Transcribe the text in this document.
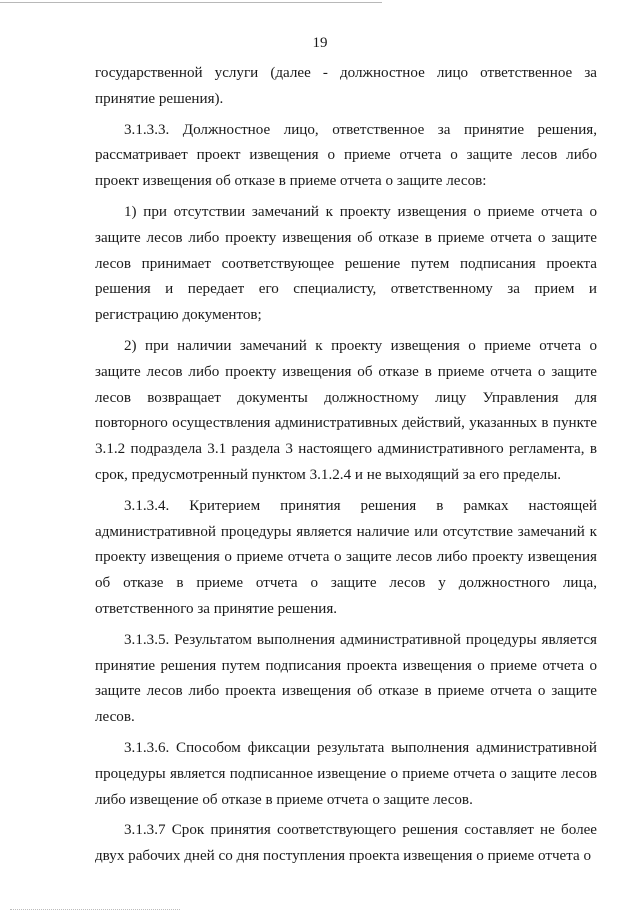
19

государственной услуги (далее - должностное лицо ответственное за принятие решения).

3.1.3.3. Должностное лицо, ответственное за принятие решения, рассматривает проект извещения о приеме отчета о защите лесов либо проект извещения об отказе в приеме отчета о защите лесов:

1) при отсутствии замечаний к проекту извещения о приеме отчета о защите лесов либо проекту извещения об отказе в приеме отчета о защите лесов принимает соответствующее решение путем подписания проекта решения и передает его специалисту, ответственному за прием и регистрацию документов;

2) при наличии замечаний к проекту извещения о приеме отчета о защите лесов либо проекту извещения об отказе в приеме отчета о защите лесов возвращает документы должностному лицу Управления для повторного осуществления административных действий, указанных в пункте 3.1.2 подраздела 3.1 раздела 3 настоящего административного регламента, в срок, предусмотренный пунктом 3.1.2.4 и не выходящий за его пределы.

3.1.3.4. Критерием принятия решения в рамках настоящей административной процедуры является наличие или отсутствие замечаний к проекту извещения о приеме отчета о защите лесов либо проекту извещения об отказе в приеме отчета о защите лесов у должностного лица, ответственного за принятие решения.

3.1.3.5. Результатом выполнения административной процедуры является принятие решения путем подписания проекта извещения о приеме отчета о защите лесов либо проекта извещения об отказе в приеме отчета о защите лесов.

3.1.3.6. Способом фиксации результата выполнения административной процедуры является подписанное извещение о приеме отчета о защите лесов либо извещение об отказе в приеме отчета о защите лесов.

3.1.3.7 Срок принятия соответствующего решения составляет не более двух рабочих дней со дня поступления проекта извещения о приеме отчета о
